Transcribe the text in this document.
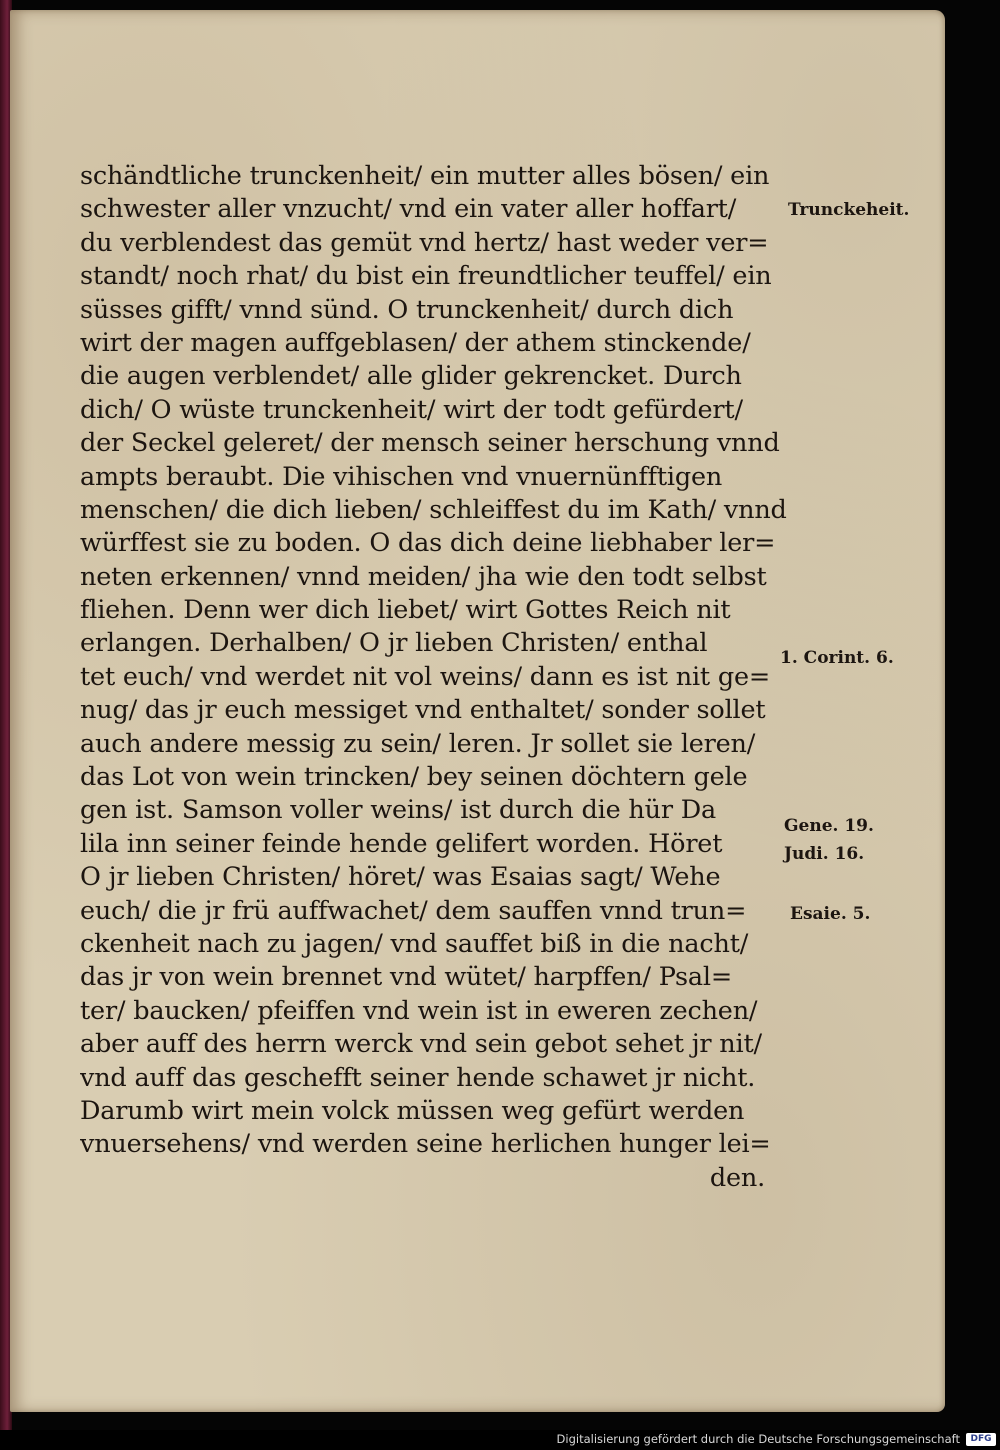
schändtliche trunckenheit/ ein mutter alles bösen/ ein
schwester aller vnzucht/ vnd ein vater aller hoffart/
du verblendest das gemüt vnd hertz/ hast weder ver=
standt/ noch rhat/ du bist ein freundtlicher teuffel/ ein
süsses gifft/ vnnd sünd. O trunckenheit/ durch dich
wirt der magen auffgeblasen/ der athem stinckende/
die augen verblendet/ alle glider gekrencket. Durch
dich/ O wüste trunckenheit/ wirt der todt gefürdert/
der Seckel geleret/ der mensch seiner herschung vnnd
ampts beraubt. Die vihischen vnd vnuernünfftigen
menschen/ die dich lieben/ schleiffest du im Kath/ vnnd
würffest sie zu boden. O das dich deine liebhaber ler=
neten erkennen/ vnnd meiden/ jha wie den todt selbst
fliehen. Denn wer dich liebet/ wirt Gottes Reich nit
erlangen. Derhalben/ O jr lieben Christen/ enthal
tet euch/ vnd werdet nit vol weins/ dann es ist nit ge=
nug/ das jr euch messiget vnd enthaltet/ sonder sollet
auch andere messig zu sein/ leren. Jr sollet sie leren/
das Lot von wein trincken/ bey seinen döchtern gele
gen ist. Samson voller weins/ ist durch die hür Da
lila inn seiner feinde hende gelifert worden. Höret
O jr lieben Christen/ höret/ was Esaias sagt/ Wehe
euch/ die jr frü auffwachet/ dem sauffen vnnd trun=
ckenheit nach zu jagen/ vnd sauffet biß in die nacht/
das jr von wein brennet vnd wütet/ harpffen/ Psal=
ter/ baucken/ pfeiffen vnd wein ist in eweren zechen/
aber auff des herrn werck vnd sein gebot sehet jr nit/
vnd auff das geschefft seiner hende schawet jr nicht.
Darumb wirt mein volck müssen weg gefürt werden
vnuersehens/ vnd werden seine herlichen hunger lei=
den.
Trunckeheit.
1. Corint. 6.
Gene. 19.
Judi. 16.
Esaie. 5.
Digitalisierung gefördert durch die Deutsche Forschungsgemeinschaft	DFG
